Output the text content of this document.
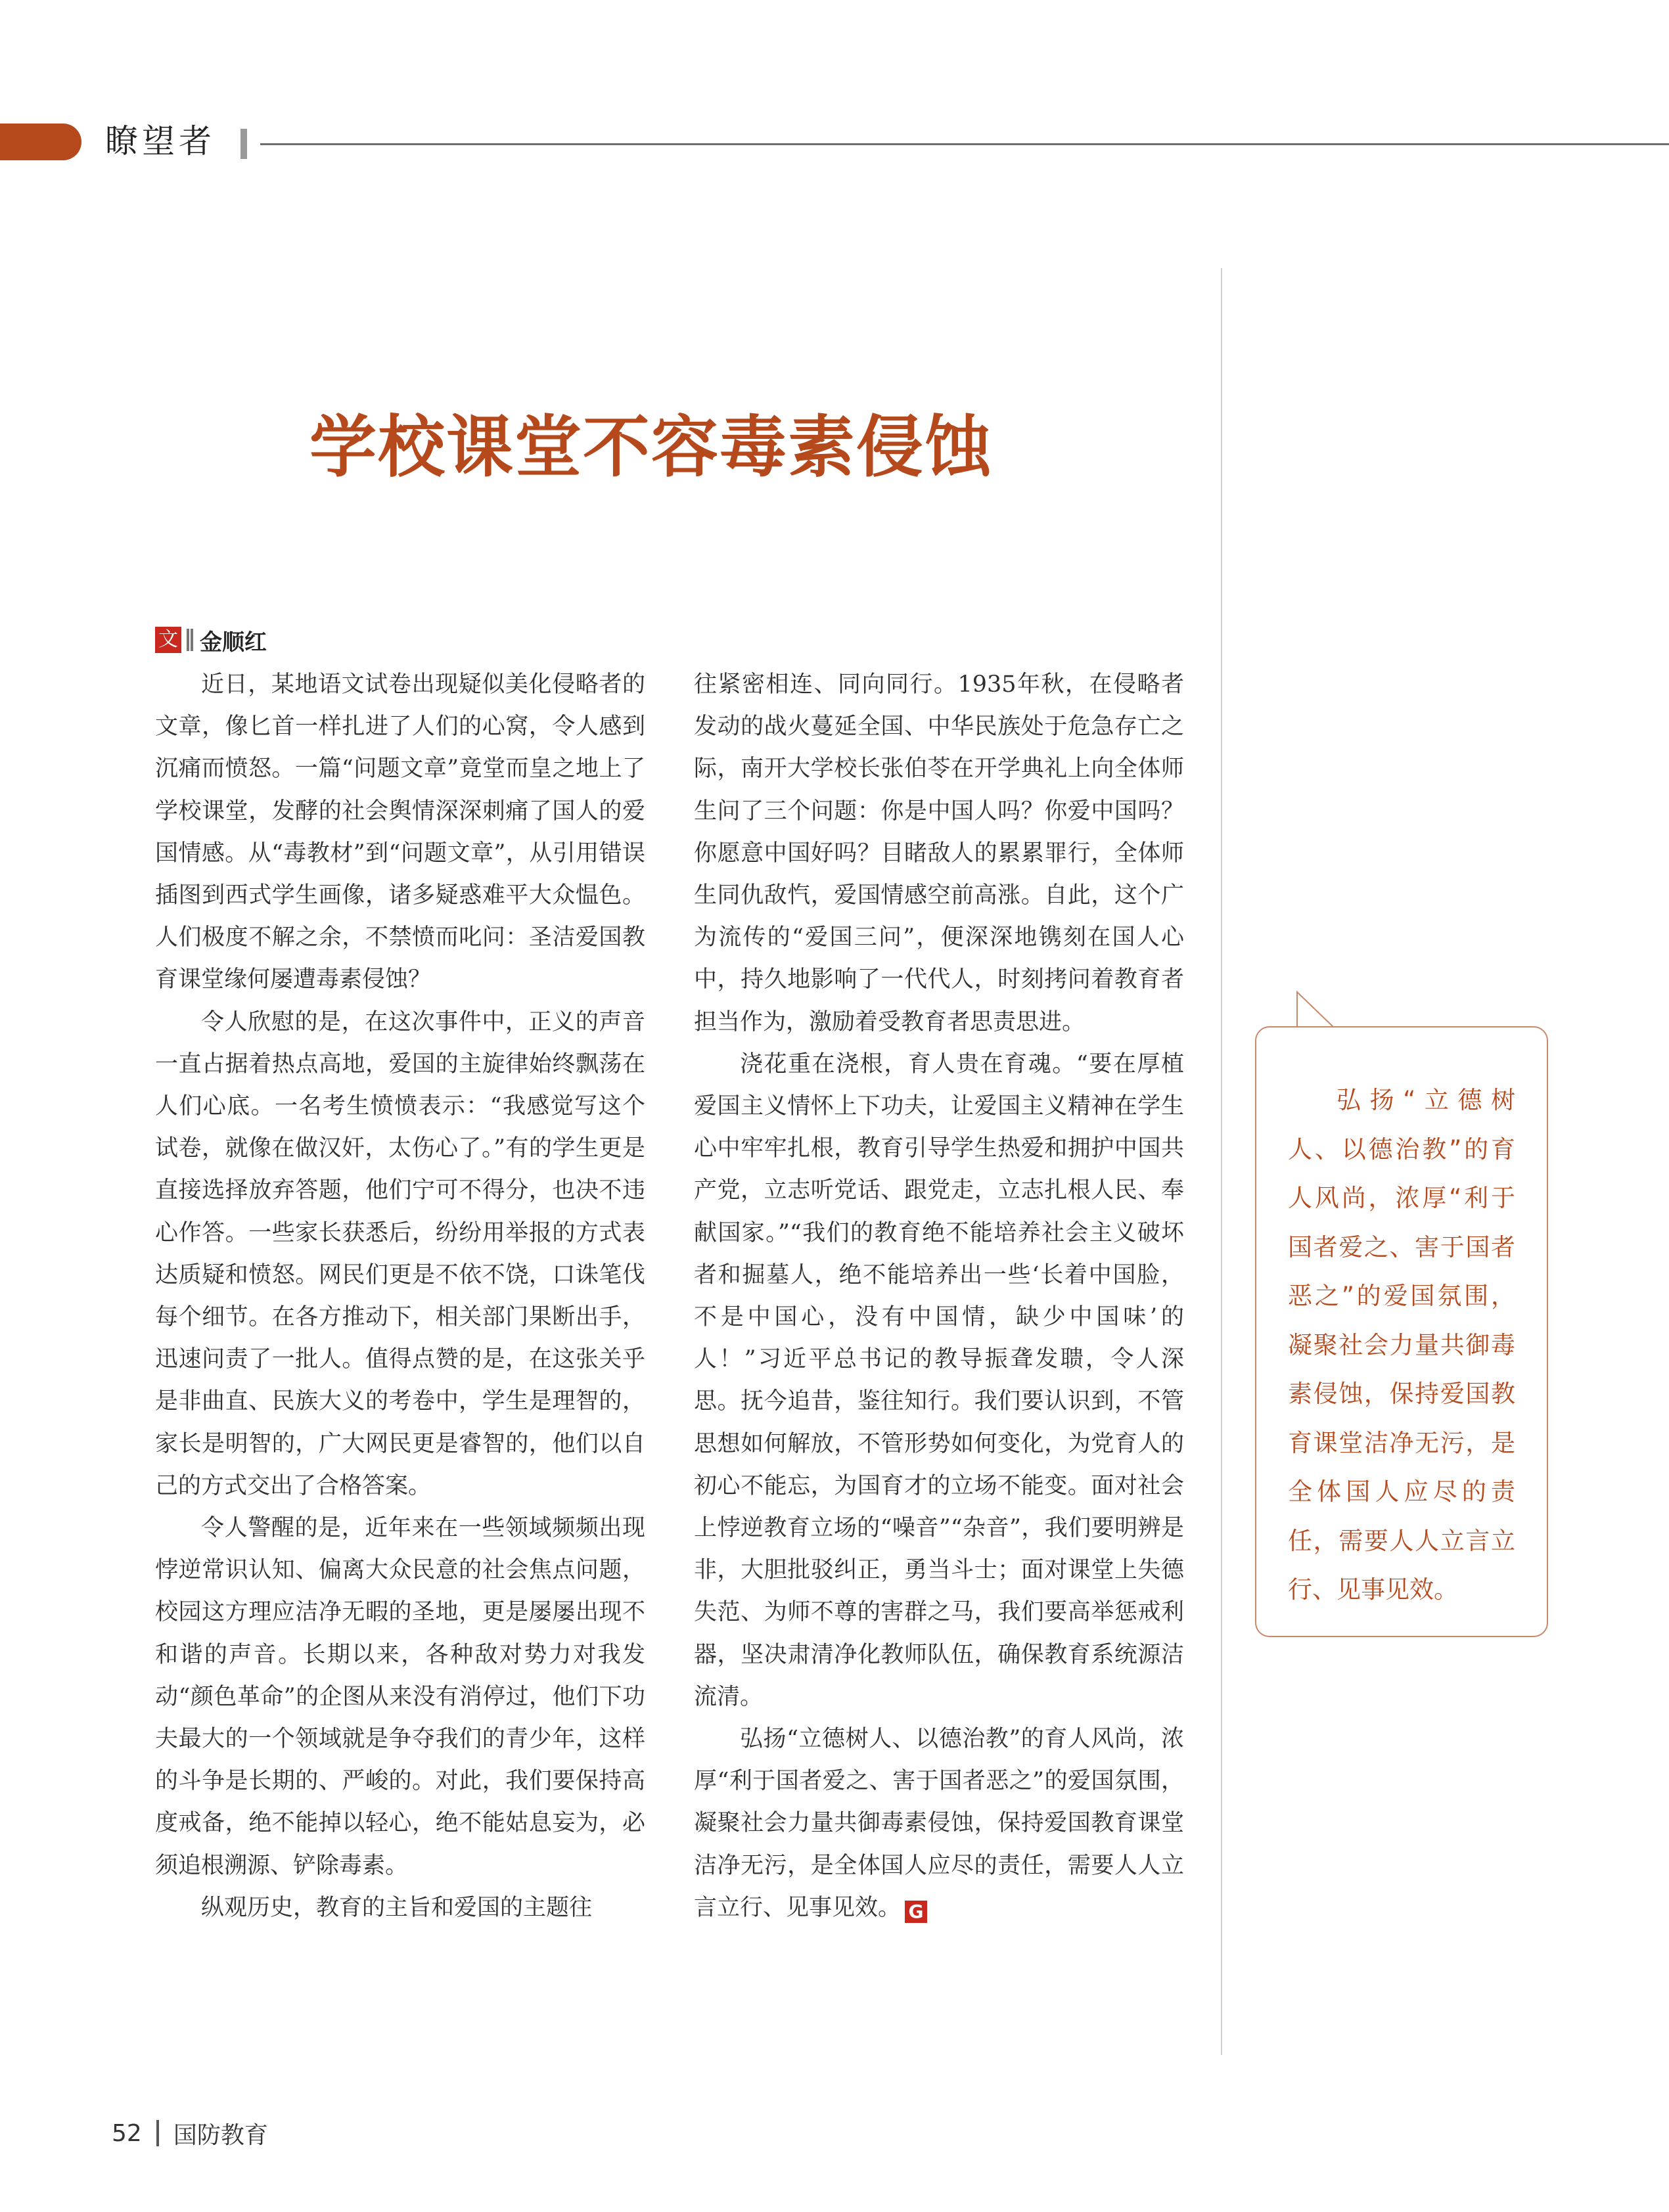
瞭望者
学校课堂不容毒素侵蚀
文 金顺红

近日，某地语文试卷出现疑似美化侵略者的文章，像匕首一样扎进了人们的心窝，令人感到沉痛而愤怒。一篇“问题文章”竟堂而皇之地上了学校课堂，发酵的社会舆情深深刺痛了国人的爱国情感。从“毒教材”到“问题文章”，从引用错误插图到西式学生画像，诸多疑惑难平大众愠色。人们极度不解之余，不禁愤而叱问：圣洁爱国教育课堂缘何屡遭毒素侵蚀？

令人欣慰的是，在这次事件中，正义的声音一直占据着热点高地，爱国的主旋律始终飘荡在人们心底。一名考生愤愤表示：“我感觉写这个试卷，就像在做汉奸，太伤心了。”有的学生更是直接选择放弃答题，他们宁可不得分，也决不违心作答。一些家长获悉后，纷纷用举报的方式表达质疑和愤怒。网民们更是不依不饶，口诛笔伐每个细节。在各方推动下，相关部门果断出手，迅速问责了一批人。值得点赞的是，在这张关乎是非曲直、民族大义的考卷中，学生是理智的，家长是明智的，广大网民更是睿智的，他们以自己的方式交出了合格答案。

令人警醒的是，近年来在一些领域频频出现悖逆常识认知、偏离大众民意的社会焦点问题，校园这方理应洁净无暇的圣地，更是屡屡出现不和谐的声音。长期以来，各种敌对势力对我发动“颜色革命”的企图从来没有消停过，他们下功夫最大的一个领域就是争夺我们的青少年，这样的斗争是长期的、严峻的。对此，我们要保持高度戒备，绝不能掉以轻心，绝不能姑息妄为，必须追根溯源、铲除毒素。

纵观历史，教育的主旨和爱国的主题往

往紧密相连、同向同行。1935年秋，在侵略者发动的战火蔓延全国、中华民族处于危急存亡之际，南开大学校长张伯苓在开学典礼上向全体师生问了三个问题：你是中国人吗？你爱中国吗？你愿意中国好吗？目睹敌人的累累罪行，全体师生同仇敌忾，爱国情感空前高涨。自此，这个广为流传的“爱国三问”，便深深地镌刻在国人心中，持久地影响了一代代人，时刻拷问着教育者担当作为，激励着受教育者思责思进。

浇花重在浇根，育人贵在育魂。“要在厚植爱国主义情怀上下功夫，让爱国主义精神在学生心中牢牢扎根，教育引导学生热爱和拥护中国共产党，立志听党话、跟党走，立志扎根人民、奉献国家。”“我们的教育绝不能培养社会主义破坏者和掘墓人，绝不能培养出一些‘长着中国脸，不是中国心，没有中国情，缺少中国味’的人！”习近平总书记的教导振聋发聩，令人深思。抚今追昔，鉴往知行。我们要认识到，不管思想如何解放，不管形势如何变化，为党育人的初心不能忘，为国育才的立场不能变。面对社会上悖逆教育立场的“噪音”“杂音”，我们要明辨是非，大胆批驳纠正，勇当斗士；面对课堂上失德失范、为师不尊的害群之马，我们要高举惩戒利器，坚决肃清净化教师队伍，确保教育系统源洁流清。

弘扬“立德树人、以德治教”的育人风尚，浓厚“利于国者爱之、害于国者恶之”的爱国氛围，凝聚社会力量共御毒素侵蚀，保持爱国教育课堂洁净无污，是全体国人应尽的责任，需要人人立言立行、见事见效。 G

弘扬“立德树人、以德治教”的育人风尚，浓厚“利于国者爱之、害于国者恶之”的爱国氛围，凝聚社会力量共御毒素侵蚀，保持爱国教育课堂洁净无污，是全体国人应尽的责任，需要人人立言立行、见事见效。
52 国防教育
